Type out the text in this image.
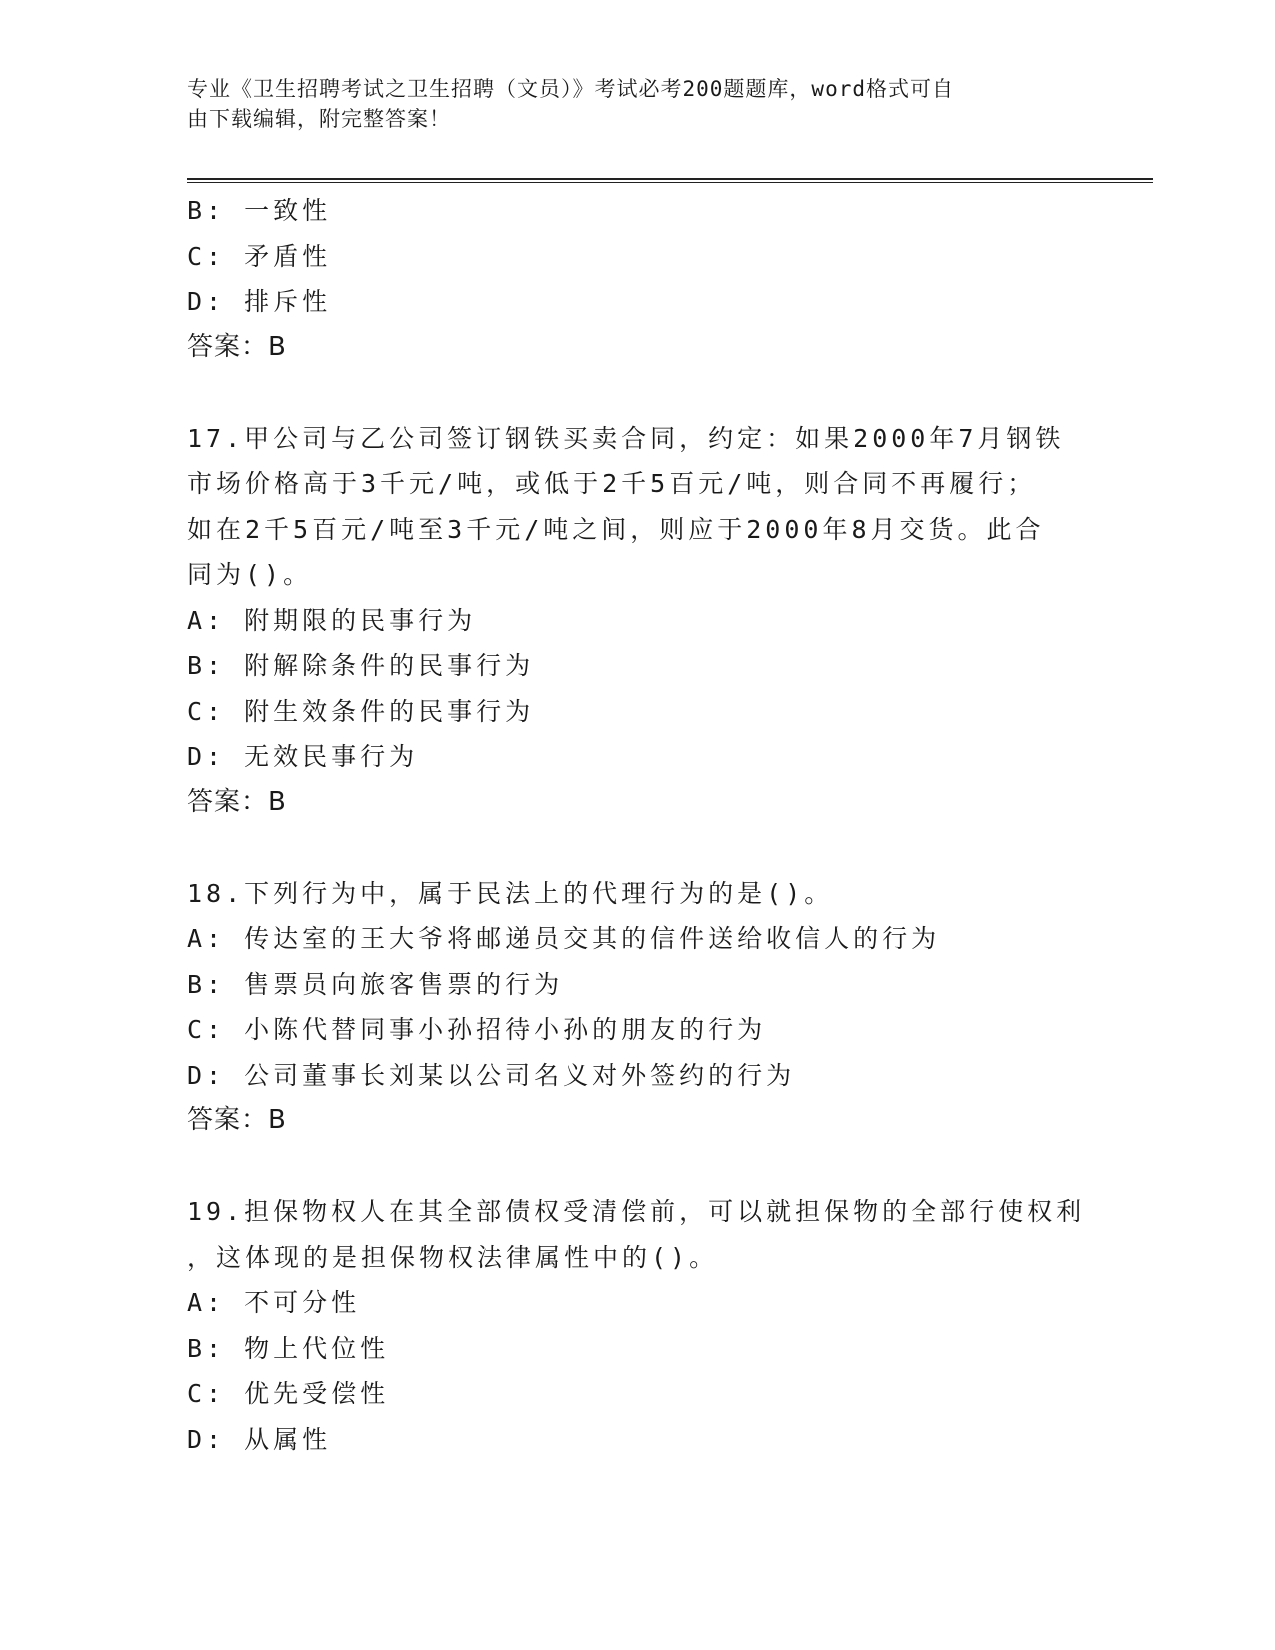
专业《卫生招聘考试之卫生招聘（文员）》考试必考200题题库，word格式可自
由下载编辑，附完整答案！
B: 一致性
C: 矛盾性
D: 排斥性
答案：B
17.甲公司与乙公司签订钢铁买卖合同，约定：如果2000年7月钢铁
市场价格高于3千元/吨，或低于2千5百元/吨，则合同不再履行；
如在2千5百元/吨至3千元/吨之间，则应于2000年8月交货。此合
同为()。
A: 附期限的民事行为
B: 附解除条件的民事行为
C: 附生效条件的民事行为
D: 无效民事行为
答案：B
18.下列行为中，属于民法上的代理行为的是()。
A: 传达室的王大爷将邮递员交其的信件送给收信人的行为
B: 售票员向旅客售票的行为
C: 小陈代替同事小孙招待小孙的朋友的行为
D: 公司董事长刘某以公司名义对外签约的行为
答案：B
19.担保物权人在其全部债权受清偿前，可以就担保物的全部行使权利
，这体现的是担保物权法律属性中的()。
A: 不可分性
B: 物上代位性
C: 优先受偿性
D: 从属性
